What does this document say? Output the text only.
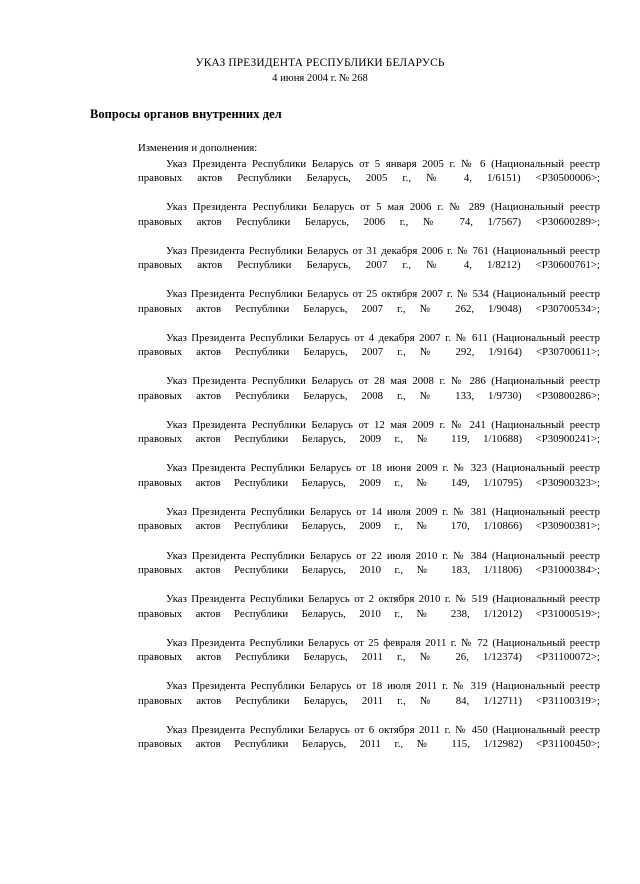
УКАЗ ПРЕЗИДЕНТА РЕСПУБЛИКИ БЕЛАРУСЬ
4 июня 2004 г. № 268
Вопросы органов внутренних дел
Изменения и дополнения:
Указ Президента Республики Беларусь от 5 января 2005 г. № 6 (Национальный реестр правовых актов Республики Беларусь, 2005 г., № 4, 1/6151) <Р30500006>;
Указ Президента Республики Беларусь от 5 мая 2006 г. № 289 (Национальный реестр правовых актов Республики Беларусь, 2006 г., № 74, 1/7567) <Р30600289>;
Указ Президента Республики Беларусь от 31 декабря 2006 г. № 761 (Национальный реестр правовых актов Республики Беларусь, 2007 г., № 4, 1/8212) <Р30600761>;
Указ Президента Республики Беларусь от 25 октября 2007 г. № 534 (Национальный реестр правовых актов Республики Беларусь, 2007 г., № 262, 1/9048) <Р30700534>;
Указ Президента Республики Беларусь от 4 декабря 2007 г. № 611 (Национальный реестр правовых актов Республики Беларусь, 2007 г., № 292, 1/9164) <Р30700611>;
Указ Президента Республики Беларусь от 28 мая 2008 г. № 286 (Национальный реестр правовых актов Республики Беларусь, 2008 г., № 133, 1/9730) <Р30800286>;
Указ Президента Республики Беларусь от 12 мая 2009 г. № 241 (Национальный реестр правовых актов Республики Беларусь, 2009 г., № 119, 1/10688) <Р30900241>;
Указ Президента Республики Беларусь от 18 июня 2009 г. № 323 (Национальный реестр правовых актов Республики Беларусь, 2009 г., № 149, 1/10795) <Р30900323>;
Указ Президента Республики Беларусь от 14 июля 2009 г. № 381 (Национальный реестр правовых актов Республики Беларусь, 2009 г., № 170, 1/10866) <Р30900381>;
Указ Президента Республики Беларусь от 22 июля 2010 г. № 384 (Национальный реестр правовых актов Республики Беларусь, 2010 г., № 183, 1/11806) <Р31000384>;
Указ Президента Республики Беларусь от 2 октября 2010 г. № 519 (Национальный реестр правовых актов Республики Беларусь, 2010 г., № 238, 1/12012) <Р31000519>;
Указ Президента Республики Беларусь от 25 февраля 2011 г. № 72 (Национальный реестр правовых актов Республики Беларусь, 2011 г., № 26, 1/12374) <Р31100072>;
Указ Президента Республики Беларусь от 18 июля 2011 г. № 319 (Национальный реестр правовых актов Республики Беларусь, 2011 г., № 84, 1/12711) <Р31100319>;
Указ Президента Республики Беларусь от 6 октября 2011 г. № 450 (Национальный реестр правовых актов Республики Беларусь, 2011 г., № 115, 1/12982) <Р31100450>;
